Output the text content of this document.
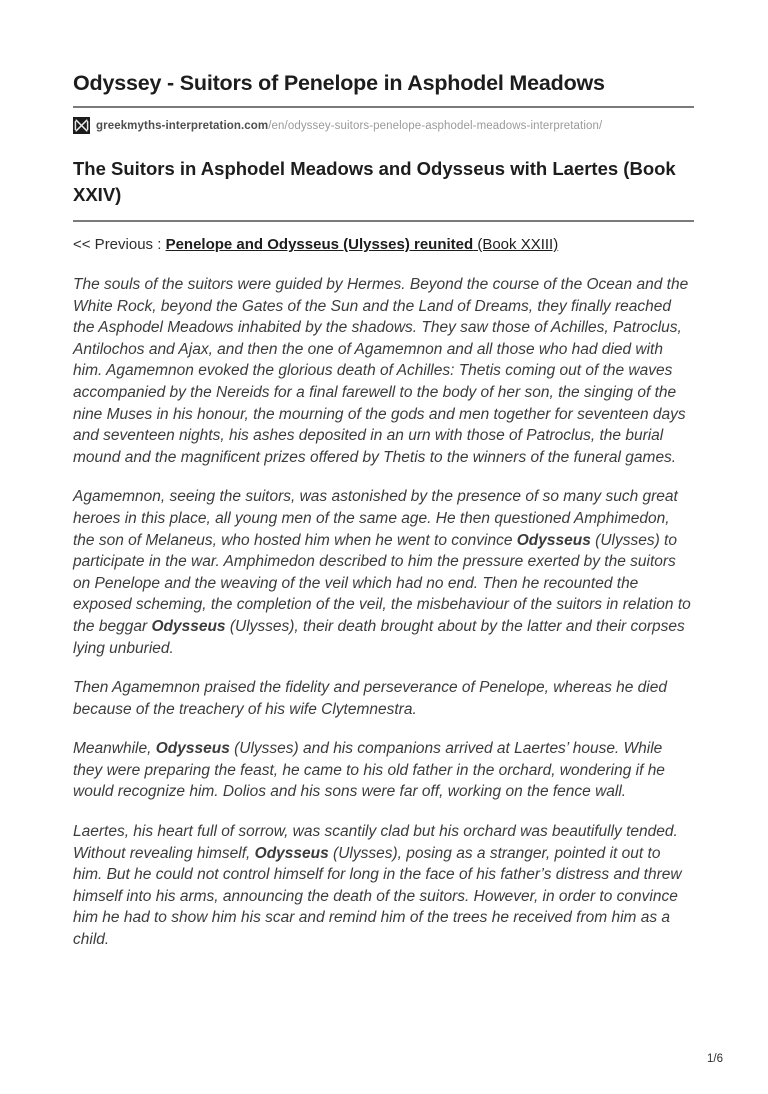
Odyssey - Suitors of Penelope in Asphodel Meadows
greekmyths-interpretation.com/en/odyssey-suitors-penelope-asphodel-meadows-interpretation/
The Suitors in Asphodel Meadows and Odysseus with Laertes (Book XXIV)

<< Previous : Penelope and Odysseus (Ulysses) reunited (Book XXIII)

The souls of the suitors were guided by Hermes. Beyond the course of the Ocean and the White Rock, beyond the Gates of the Sun and the Land of Dreams, they finally reached the Asphodel Meadows inhabited by the shadows. They saw those of Achilles, Patroclus, Antilochos and Ajax, and then the one of Agamemnon and all those who had died with him. Agamemnon evoked the glorious death of Achilles: Thetis coming out of the waves accompanied by the Nereids for a final farewell to the body of her son, the singing of the nine Muses in his honour, the mourning of the gods and men together for seventeen days and seventeen nights, his ashes deposited in an urn with those of Patroclus, the burial mound and the magnificent prizes offered by Thetis to the winners of the funeral games.

Agamemnon, seeing the suitors, was astonished by the presence of so many such great heroes in this place, all young men of the same age. He then questioned Amphimedon, the son of Melaneus, who hosted him when he went to convince Odysseus (Ulysses) to participate in the war. Amphimedon described to him the pressure exerted by the suitors on Penelope and the weaving of the veil which had no end. Then he recounted the exposed scheming, the completion of the veil, the misbehaviour of the suitors in relation to the beggar Odysseus (Ulysses), their death brought about by the latter and their corpses lying unburied.

Then Agamemnon praised the fidelity and perseverance of Penelope, whereas he died because of the treachery of his wife Clytemnestra.

Meanwhile, Odysseus (Ulysses) and his companions arrived at Laertes’ house. While they were preparing the feast, he came to his old father in the orchard, wondering if he would recognize him. Dolios and his sons were far off, working on the fence wall.

Laertes, his heart full of sorrow, was scantily clad but his orchard was beautifully tended. Without revealing himself, Odysseus (Ulysses), posing as a stranger, pointed it out to him. But he could not control himself for long in the face of his father’s distress and threw himself into his arms, announcing the death of the suitors. However, in order to convince him he had to show him his scar and remind him of the trees he received from him as a child.

1/6
